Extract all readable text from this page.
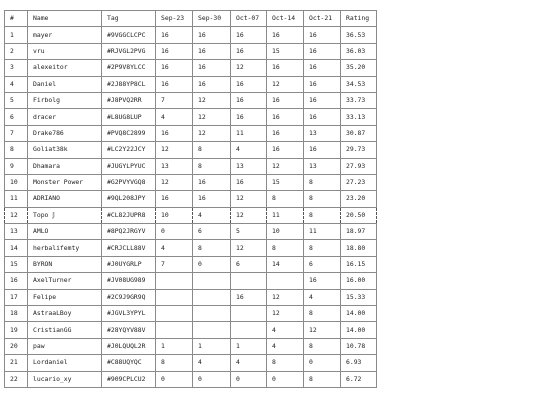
#	Name	Tag	Sep-23	Sep-30	Oct-07	Oct-14	Oct-21	Rating
1	mayer	#9VGGCLCPC	16	16	16	16	16	36.53
2	vru	#RJVGL2PVG	16	16	16	15	16	36.03
3	alexeitor	#2P9V8YLCC	16	16	12	16	16	35.20
4	Daniel	#2J88YP8CL	16	16	16	12	16	34.53
5	Firbolg	#J8PVQ2RR	7	12	16	16	16	33.73
6	dracer	#L8UG8LUP	4	12	16	16	16	33.13
7	Drake786	#PVQ8C2899	16	12	11	16	13	30.87
8	Goliat38k	#LC2Y22JCY	12	8	4	16	16	29.73
9	Dhamara	#JUGYLPYUC	13	8	13	12	13	27.93
10	Monster Power	#G2PVYVGQ8	12	16	16	15	8	27.23
11	ADRIANO	#9QL208JPY	16	16	12	8	8	23.20
12	Topo 𝕁	#CL82JUPR8	10	4	12	11	8	20.50
13	AMLO	#8PQ2JRGYV	0	6	5	10	11	18.97
14	herbalifemty	#CRJCLL88V	4	8	12	8	8	18.80
15	BYRON	#J0UYGRLP	7	0	6	14	6	16.15
16	AxelTurner	#JV08UG989					16	16.00
17	Felipe	#2C9J9GR9Q			16	12	4	15.33
18	AstraaLBoy	#JGVL3YPYL				12	8	14.00
19	CristianGG	#28YQYV88V				4	12	14.00
20	paw	#J0LQUQL2R	1	1	1	4	8	10.78
21	Lordaniel	#C88UQYQC	8	4	4	8	0	6.93
22	lucario_xy	#909CPLCU2	0	0	0	0	8	6.72
